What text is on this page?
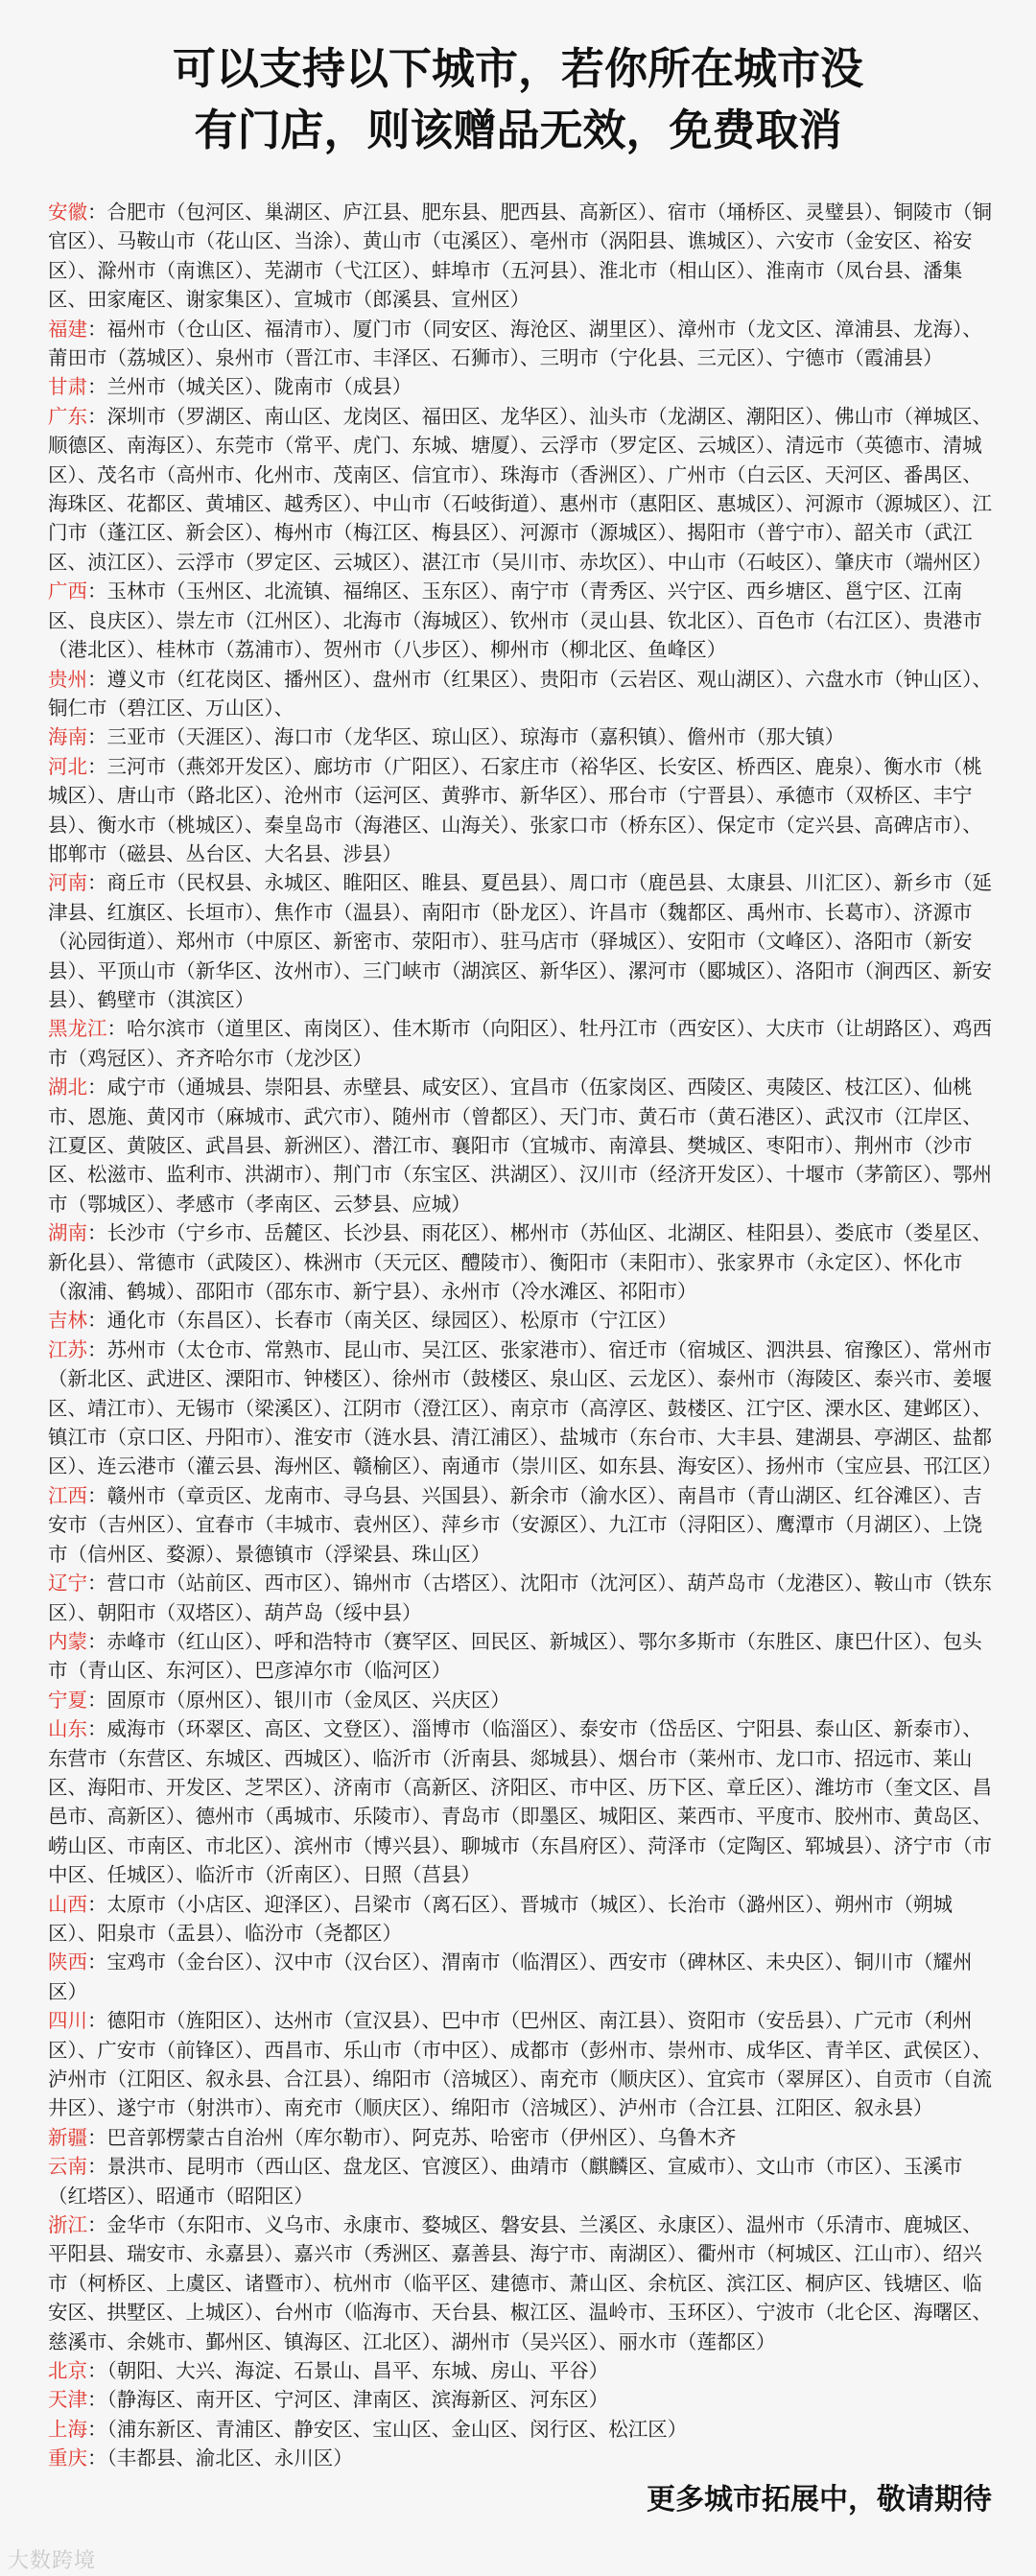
可以支持以下城市，若你所在城市没
有门店，则该赠品无效，免费取消
安徽：合肥市（包河区、巢湖区、庐江县、肥东县、肥西县、高新区）、宿市（埇桥区、灵璧县）、铜陵市（铜官区）、马鞍山市（花山区、当涂）、黄山市（屯溪区）、亳州市（涡阳县、谯城区）、六安市（金安区、裕安区）、滁州市（南谯区）、芜湖市（弋江区）、蚌埠市（五河县）、淮北市（相山区）、淮南市（凤台县、潘集区、田家庵区、谢家集区）、宣城市（郎溪县、宣州区）
福建：福州市（仓山区、福清市）、厦门市（同安区、海沧区、湖里区）、漳州市（龙文区、漳浦县、龙海）、莆田市（荔城区）、泉州市（晋江市、丰泽区、石狮市）、三明市（宁化县、三元区）、宁德市（霞浦县）
甘肃：兰州市（城关区）、陇南市（成县）
广东：深圳市（罗湖区、南山区、龙岗区、福田区、龙华区）、汕头市（龙湖区、潮阳区）、佛山市（禅城区、顺德区、南海区）、东莞市（常平、虎门、东城、塘厦）、云浮市（罗定区、云城区）、清远市（英德市、清城区）、茂名市（高州市、化州市、茂南区、信宜市）、珠海市（香洲区）、广州市（白云区、天河区、番禺区、海珠区、花都区、黄埔区、越秀区）、中山市（石岐街道）、惠州市（惠阳区、惠城区）、河源市（源城区）、江门市（蓬江区、新会区）、梅州市（梅江区、梅县区）、河源市（源城区）、揭阳市（普宁市）、韶关市（武江区、浈江区）、云浮市（罗定区、云城区）、湛江市（吴川市、赤坎区）、中山市（石岐区）、肇庆市（端州区）
广西：玉林市（玉州区、北流镇、福绵区、玉东区）、南宁市（青秀区、兴宁区、西乡塘区、邕宁区、江南区、良庆区）、崇左市（江州区）、北海市（海城区）、钦州市（灵山县、钦北区）、百色市（右江区）、贵港市（港北区）、桂林市（荔浦市）、贺州市（八步区）、柳州市（柳北区、鱼峰区）
贵州：遵义市（红花岗区、播州区）、盘州市（红果区）、贵阳市（云岩区、观山湖区）、六盘水市（钟山区）、铜仁市（碧江区、万山区）、
海南：三亚市（天涯区）、海口市（龙华区、琼山区）、琼海市（嘉积镇）、儋州市（那大镇）
河北：三河市（燕郊开发区）、廊坊市（广阳区）、石家庄市（裕华区、长安区、桥西区、鹿泉）、衡水市（桃城区）、唐山市（路北区）、沧州市（运河区、黄骅市、新华区）、邢台市（宁晋县）、承德市（双桥区、丰宁县）、衡水市（桃城区）、秦皇岛市（海港区、山海关）、张家口市（桥东区）、保定市（定兴县、高碑店市）、邯郸市（磁县、丛台区、大名县、涉县）
河南：商丘市（民权县、永城区、睢阳区、睢县、夏邑县）、周口市（鹿邑县、太康县、川汇区）、新乡市（延津县、红旗区、长垣市）、焦作市（温县）、南阳市（卧龙区）、许昌市（魏都区、禹州市、长葛市）、济源市（沁园街道）、郑州市（中原区、新密市、荥阳市）、驻马店市（驿城区）、安阳市（文峰区）、洛阳市（新安县）、平顶山市（新华区、汝州市）、三门峡市（湖滨区、新华区）、漯河市（郾城区）、洛阳市（涧西区、新安县）、鹤壁市（淇滨区）
黑龙江：哈尔滨市（道里区、南岗区）、佳木斯市（向阳区）、牡丹江市（西安区）、大庆市（让胡路区）、鸡西市（鸡冠区）、齐齐哈尔市（龙沙区）
湖北：咸宁市（通城县、崇阳县、赤壁县、咸安区）、宜昌市（伍家岗区、西陵区、夷陵区、枝江区）、仙桃市、恩施、黄冈市（麻城市、武穴市）、随州市（曾都区）、天门市、黄石市（黄石港区）、武汉市（江岸区、江夏区、黄陂区、武昌县、新洲区）、潜江市、襄阳市（宜城市、南漳县、樊城区、枣阳市）、荆州市（沙市区、松滋市、监利市、洪湖市）、荆门市（东宝区、洪湖区）、汉川市（经济开发区）、十堰市（茅箭区）、鄂州市（鄂城区）、孝感市（孝南区、云梦县、应城）
湖南：长沙市（宁乡市、岳麓区、长沙县、雨花区）、郴州市（苏仙区、北湖区、桂阳县）、娄底市（娄星区、新化县）、常德市（武陵区）、株洲市（天元区、醴陵市）、衡阳市（耒阳市）、张家界市（永定区）、怀化市（溆浦、鹤城）、邵阳市（邵东市、新宁县）、永州市（冷水滩区、祁阳市）
吉林：通化市（东昌区）、长春市（南关区、绿园区）、松原市（宁江区）
江苏：苏州市（太仓市、常熟市、昆山市、吴江区、张家港市）、宿迁市（宿城区、泗洪县、宿豫区）、常州市（新北区、武进区、溧阳市、钟楼区）、徐州市（鼓楼区、泉山区、云龙区）、泰州市（海陵区、泰兴市、姜堰区、靖江市）、无锡市（梁溪区）、江阴市（澄江区）、南京市（高淳区、鼓楼区、江宁区、溧水区、建邺区）、镇江市（京口区、丹阳市）、淮安市（涟水县、清江浦区）、盐城市（东台市、大丰县、建湖县、亭湖区、盐都区）、连云港市（灌云县、海州区、赣榆区）、南通市（崇川区、如东县、海安区）、扬州市（宝应县、邗江区）
江西：赣州市（章贡区、龙南市、寻乌县、兴国县）、新余市（渝水区）、南昌市（青山湖区、红谷滩区）、吉安市（吉州区）、宜春市（丰城市、袁州区）、萍乡市（安源区）、九江市（浔阳区）、鹰潭市（月湖区）、上饶市（信州区、婺源）、景德镇市（浮梁县、珠山区）
辽宁：营口市（站前区、西市区）、锦州市（古塔区）、沈阳市（沈河区）、葫芦岛市（龙港区）、鞍山市（铁东区）、朝阳市（双塔区）、葫芦岛（绥中县）
内蒙：赤峰市（红山区）、呼和浩特市（赛罕区、回民区、新城区）、鄂尔多斯市（东胜区、康巴什区）、包头市（青山区、东河区）、巴彦淖尔市（临河区）
宁夏：固原市（原州区）、银川市（金凤区、兴庆区）
山东：威海市（环翠区、高区、文登区）、淄博市（临淄区）、泰安市（岱岳区、宁阳县、泰山区、新泰市）、东营市（东营区、东城区、西城区）、临沂市（沂南县、郯城县）、烟台市（莱州市、龙口市、招远市、莱山区、海阳市、开发区、芝罘区）、济南市（高新区、济阳区、市中区、历下区、章丘区）、潍坊市（奎文区、昌邑市、高新区）、德州市（禹城市、乐陵市）、青岛市（即墨区、城阳区、莱西市、平度市、胶州市、黄岛区、崂山区、市南区、市北区）、滨州市（博兴县）、聊城市（东昌府区）、菏泽市（定陶区、郓城县）、济宁市（市中区、任城区）、临沂市（沂南区）、日照（莒县）
山西：太原市（小店区、迎泽区）、吕梁市（离石区）、晋城市（城区）、长治市（潞州区）、朔州市（朔城区）、阳泉市（盂县）、临汾市（尧都区）
陕西：宝鸡市（金台区）、汉中市（汉台区）、渭南市（临渭区）、西安市（碑林区、未央区）、铜川市（耀州区）
四川：德阳市（旌阳区）、达州市（宣汉县）、巴中市（巴州区、南江县）、资阳市（安岳县）、广元市（利州区）、广安市（前锋区）、西昌市、乐山市（市中区）、成都市（彭州市、崇州市、成华区、青羊区、武侯区）、泸州市（江阳区、叙永县、合江县）、绵阳市（涪城区）、南充市（顺庆区）、宜宾市（翠屏区）、自贡市（自流井区）、遂宁市（射洪市）、南充市（顺庆区）、绵阳市（涪城区）、泸州市（合江县、江阳区、叙永县）
新疆：巴音郭楞蒙古自治州（库尔勒市）、阿克苏、哈密市（伊州区）、乌鲁木齐
云南：景洪市、昆明市（西山区、盘龙区、官渡区）、曲靖市（麒麟区、宣威市）、文山市（市区）、玉溪市（红塔区）、昭通市（昭阳区）
浙江：金华市（东阳市、义乌市、永康市、婺城区、磐安县、兰溪区、永康区）、温州市（乐清市、鹿城区、平阳县、瑞安市、永嘉县）、嘉兴市（秀洲区、嘉善县、海宁市、南湖区）、衢州市（柯城区、江山市）、绍兴市（柯桥区、上虞区、诸暨市）、杭州市（临平区、建德市、萧山区、余杭区、滨江区、桐庐区、钱塘区、临安区、拱墅区、上城区）、台州市（临海市、天台县、椒江区、温岭市、玉环区）、宁波市（北仑区、海曙区、慈溪市、余姚市、鄞州区、镇海区、江北区）、湖州市（吴兴区）、丽水市（莲都区）
北京：（朝阳、大兴、海淀、石景山、昌平、东城、房山、平谷）
天津：（静海区、南开区、宁河区、津南区、滨海新区、河东区）
上海：（浦东新区、青浦区、静安区、宝山区、金山区、闵行区、松江区）
重庆：（丰都县、渝北区、永川区）
更多城市拓展中，敬请期待
大数跨境
